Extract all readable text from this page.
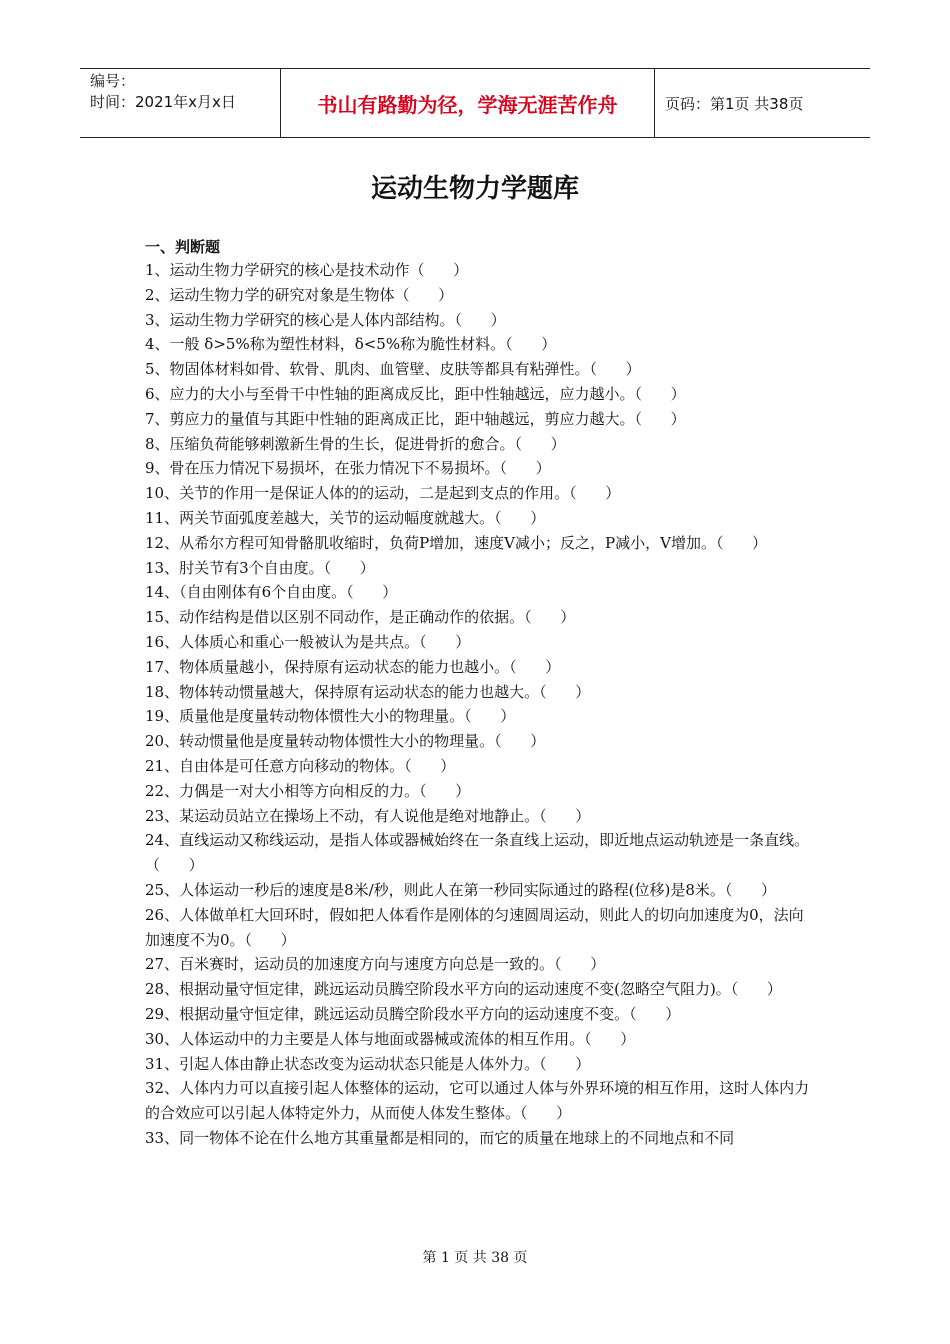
编号：
时间：2021年x月x日	书山有路勤为径，学海无涯苦作舟	页码：第1页 共38页
运动生物力学题库
一、判断题
1、运动生物力学研究的核心是技术动作（      ）
2、运动生物力学的研究对象是生物体（      ）
3、运动生物力学研究的核心是人体内部结构。（      ）
4、一般 δ>5%称为塑性材料，δ<5%称为脆性材料。（      ）
5、物固体材料如骨、软骨、肌肉、血管壁、皮肤等都具有粘弹性。（      ）
6、应力的大小与至骨干中性轴的距离成反比，距中性轴越远，应力越小。（      ）
7、剪应力的量值与其距中性轴的距离成正比，距中轴越远，剪应力越大。（      ）
8、压缩负荷能够刺激新生骨的生长，促进骨折的愈合。（      ）
9、骨在压力情况下易损坏，在张力情况下不易损坏。（      ）
10、关节的作用一是保证人体的的运动，二是起到支点的作用。（      ）
11、两关节面弧度差越大，关节的运动幅度就越大。（      ）
12、从希尔方程可知骨骼肌收缩时，负荷P增加，速度V减小；反之，P减小，V增加。（      ）
13、肘关节有3个自由度。（      ）
14、（自由刚体有6个自由度。（      ）
15、动作结构是借以区别不同动作，是正确动作的依据。（      ）
16、人体质心和重心一般被认为是共点。（      ）
17、物体质量越小，保持原有运动状态的能力也越小。（      ）
18、物体转动惯量越大，保持原有运动状态的能力也越大。（      ）
19、质量他是度量转动物体惯性大小的物理量。（      ）
20、转动惯量他是度量转动物体惯性大小的物理量。（      ）
21、自由体是可任意方向移动的物体。（      ）
22、力偶是一对大小相等方向相反的力。（      ）
23、某运动员站立在操场上不动，有人说他是绝对地静止。（      ）
24、直线运动又称线运动，是指人体或器械始终在一条直线上运动，即近地点运动轨迹是一条直线。（      ）
25、人体运动一秒后的速度是8米/秒，则此人在第一秒同实际通过的路程(位移)是8米。（      ）
26、人体做单杠大回环时，假如把人体看作是刚体的匀速圆周运动，则此人的切向加速度为0，法向加速度不为0。（      ）
27、百米赛时，运动员的加速度方向与速度方向总是一致的。（      ）
28、根据动量守恒定律，跳远运动员腾空阶段水平方向的运动速度不变(忽略空气阻力)。（      ）
29、根据动量守恒定律，跳远运动员腾空阶段水平方向的运动速度不变。（      ）
30、人体运动中的力主要是人体与地面或器械或流体的相互作用。（      ）
31、引起人体由静止状态改变为运动状态只能是人体外力。（      ）
32、人体内力可以直接引起人体整体的运动，它可以通过人体与外界环境的相互作用，这时人体内力的合效应可以引起人体特定外力，从而使人体发生整体。（      ）
33、同一物体不论在什么地方其重量都是相同的，而它的质量在地球上的不同地点和不同
第 1 页 共 38 页
